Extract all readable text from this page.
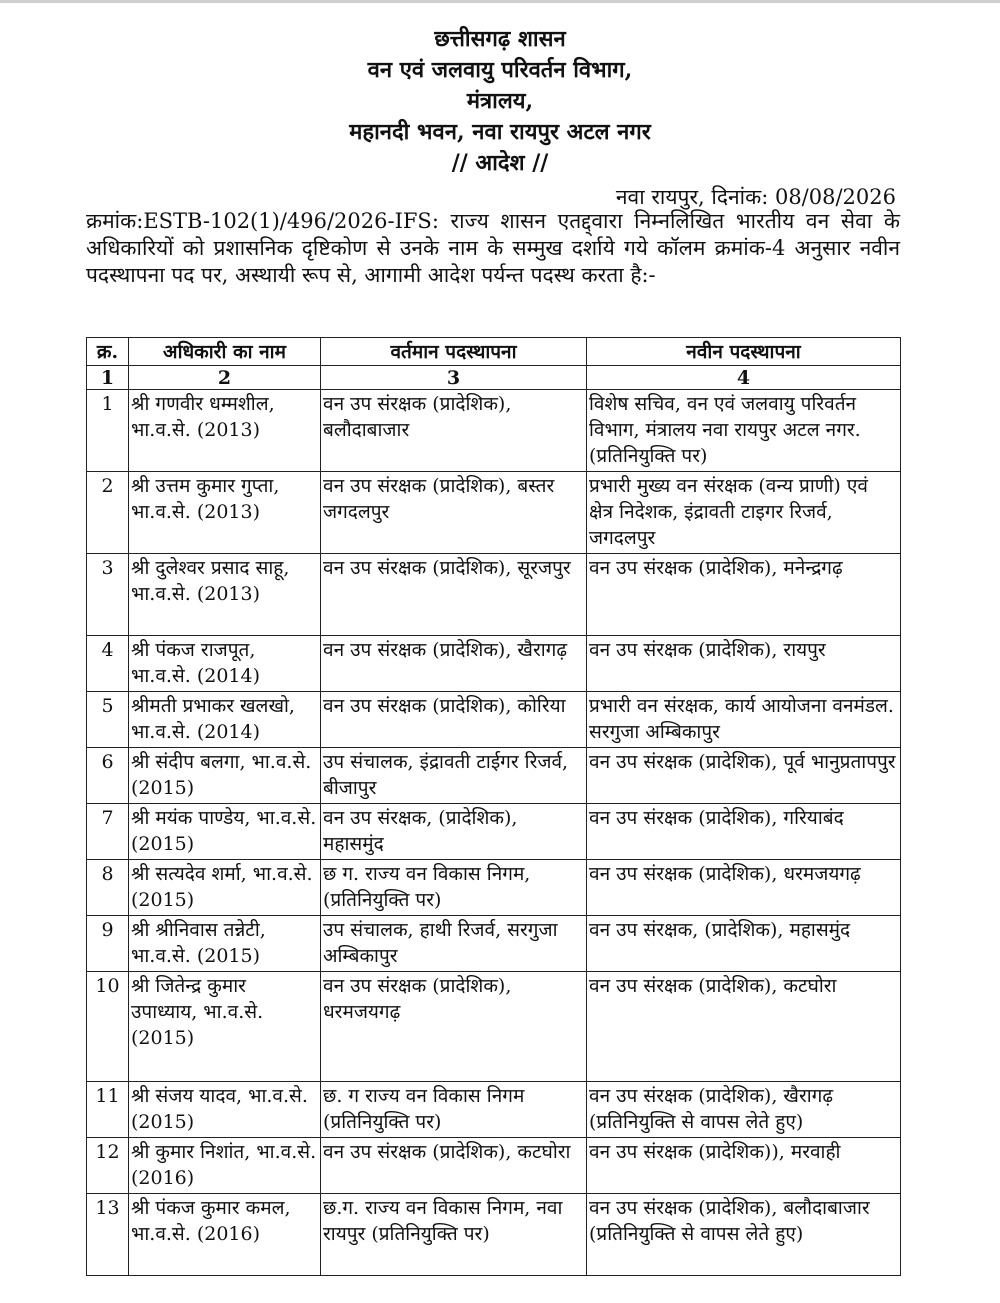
छत्तीसगढ़ शासन
वन एवं जलवायु परिवर्तन विभाग,
मंत्रालय,
महानदी भवन, नवा रायपुर अटल नगर
// आदेश //
नवा रायपुर, दिनांक: 08/08/2026
क्रमांक:ESTB-102(1)/496/2026-IFS: राज्य शासन एतद्द्वारा निम्नलिखित भारतीय वन सेवा के अधिकारियों को प्रशासनिक दृष्टिकोण से उनके नाम के सम्मुख दर्शाये गये कॉलम क्रमांक-4 अनुसार नवीन पदस्थापना पद पर, अस्थायी रूप से, आगामी आदेश पर्यन्त पदस्थ करता है:-
क्र.	अधिकारी का नाम	वर्तमान पदस्थापना	नवीन पदस्थापना
1	2	3	4
1	श्री गणवीर धम्मशील, भा.व.से. (2013)	वन उप संरक्षक (प्रादेशिक), बलौदाबाजार	विशेष सचिव, वन एवं जलवायु परिवर्तन विभाग, मंत्रालय नवा रायपुर अटल नगर. (प्रतिनियुक्ति पर)
2	श्री उत्तम कुमार गुप्ता, भा.व.से. (2013)	वन उप संरक्षक (प्रादेशिक), बस्तर जगदलपुर	प्रभारी मुख्य वन संरक्षक (वन्य प्राणी) एवं क्षेत्र निदेशक, इंद्रावती टाइगर रिजर्व, जगदलपुर
3	श्री दुलेश्वर प्रसाद साहू, भा.व.से. (2013)	वन उप संरक्षक (प्रादेशिक), सूरजपुर	वन उप संरक्षक (प्रादेशिक), मनेन्द्रगढ़
4	श्री पंकज राजपूत, भा.व.से. (2014)	वन उप संरक्षक (प्रादेशिक), खैरागढ़	वन उप संरक्षक (प्रादेशिक), रायपुर
5	श्रीमती प्रभाकर खलखो, भा.व.से. (2014)	वन उप संरक्षक (प्रादेशिक), कोरिया	प्रभारी वन संरक्षक, कार्य आयोजना वनमंडल. सरगुजा अम्बिकापुर
6	श्री संदीप बलगा, भा.व.से. (2015)	उप संचालक, इंद्रावती टाईगर रिजर्व, बीजापुर	वन उप संरक्षक (प्रादेशिक), पूर्व भानुप्रतापपुर
7	श्री मयंक पाण्डेय, भा.व.से. (2015)	वन उप संरक्षक, (प्रादेशिक), महासमुंद	वन उप संरक्षक (प्रादेशिक), गरियाबंद
8	श्री सत्यदेव शर्मा, भा.व.से. (2015)	छ ग. राज्य वन विकास निगम, (प्रतिनियुक्ति पर)	वन उप संरक्षक (प्रादेशिक), धरमजयगढ़
9	श्री श्रीनिवास तन्नेटी, भा.व.से. (2015)	उप संचालक, हाथी रिजर्व, सरगुजा अम्बिकापुर	वन उप संरक्षक, (प्रादेशिक), महासमुंद
10	श्री जितेन्द्र कुमार उपाध्याय, भा.व.से. (2015)	वन उप संरक्षक (प्रादेशिक), धरमजयगढ़	वन उप संरक्षक (प्रादेशिक), कटघोरा
11	श्री संजय यादव, भा.व.से. (2015)	छ. ग राज्य वन विकास निगम (प्रतिनियुक्ति पर)	वन उप संरक्षक (प्रादेशिक), खैरागढ़ (प्रतिनियुक्ति से वापस लेते हुए)
12	श्री कुमार निशांत, भा.व.से. (2016)	वन उप संरक्षक (प्रादेशिक), कटघोरा	वन उप संरक्षक (प्रादेशिक)), मरवाही
13	श्री पंकज कुमार कमल, भा.व.से. (2016)	छ.ग. राज्य वन विकास निगम, नवा रायपुर (प्रतिनियुक्ति पर)	वन उप संरक्षक (प्रादेशिक), बलौदाबाजार (प्रतिनियुक्ति से वापस लेते हुए)
